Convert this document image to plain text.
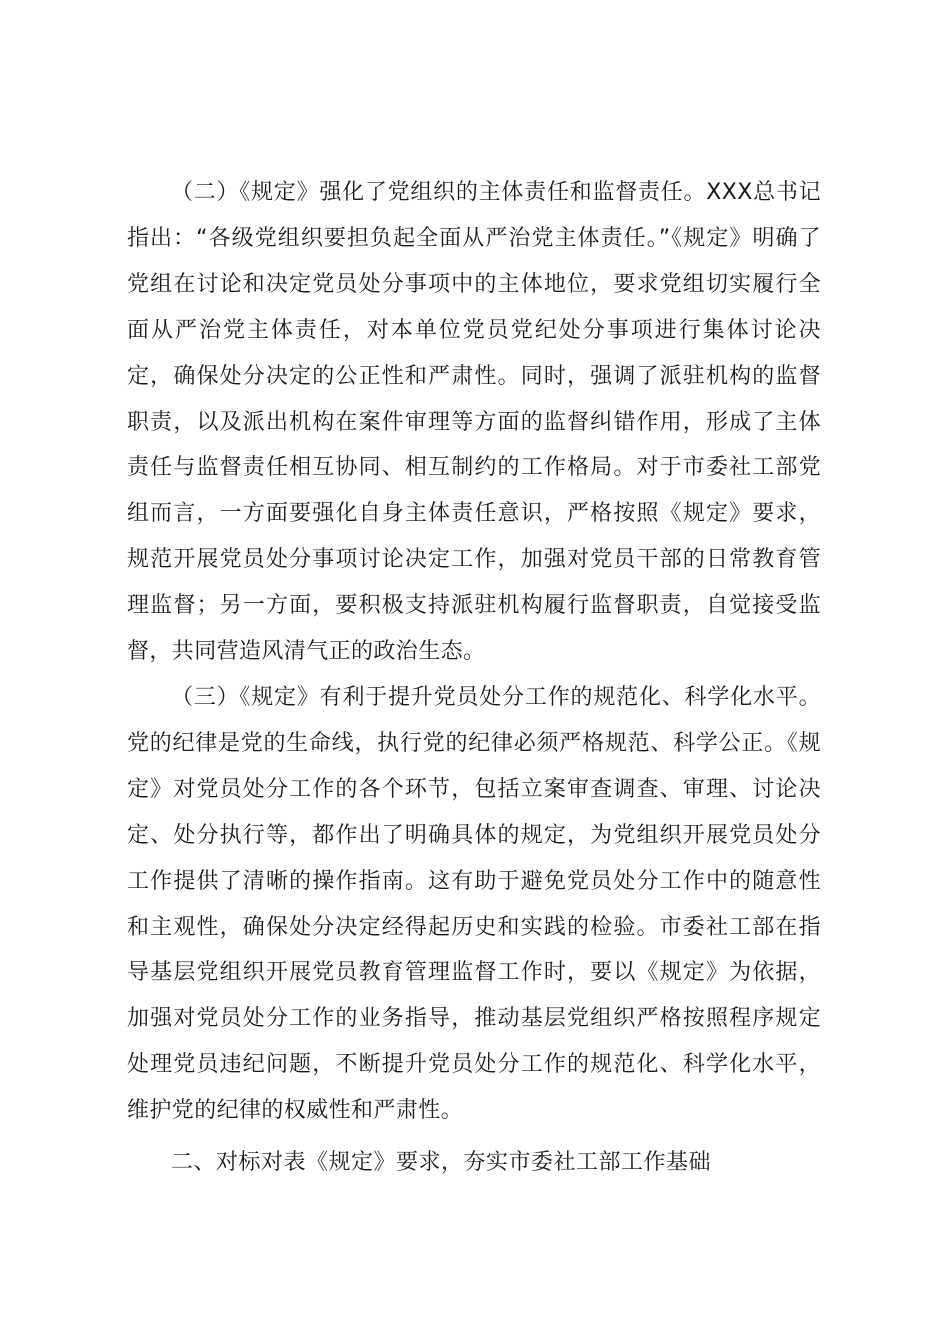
（二）《规定》强化了党组织的主体责任和监督责任。XXX总书记指出：“各级党组织要担负起全面从严治党主体责任。”《规定》明确了党组在讨论和决定党员处分事项中的主体地位，要求党组切实履行全面从严治党主体责任，对本单位党员党纪处分事项进行集体讨论决定，确保处分决定的公正性和严肃性。同时，强调了派驻机构的监督职责，以及派出机构在案件审理等方面的监督纠错作用，形成了主体责任与监督责任相互协同、相互制约的工作格局。对于市委社工部党组而言，一方面要强化自身主体责任意识，严格按照《规定》要求，规范开展党员处分事项讨论决定工作，加强对党员干部的日常教育管理监督；另一方面，要积极支持派驻机构履行监督职责，自觉接受监督，共同营造风清气正的政治生态。

（三）《规定》有利于提升党员处分工作的规范化、科学化水平。党的纪律是党的生命线，执行党的纪律必须严格规范、科学公正。《规定》对党员处分工作的各个环节，包括立案审查调查、审理、讨论决定、处分执行等，都作出了明确具体的规定，为党组织开展党员处分工作提供了清晰的操作指南。这有助于避免党员处分工作中的随意性和主观性，确保处分决定经得起历史和实践的检验。市委社工部在指导基层党组织开展党员教育管理监督工作时，要以《规定》为依据，加强对党员处分工作的业务指导，推动基层党组织严格按照程序规定处理党员违纪问题，不断提升党员处分工作的规范化、科学化水平，维护党的纪律的权威性和严肃性。

二、对标对表《规定》要求，夯实市委社工部工作基础
